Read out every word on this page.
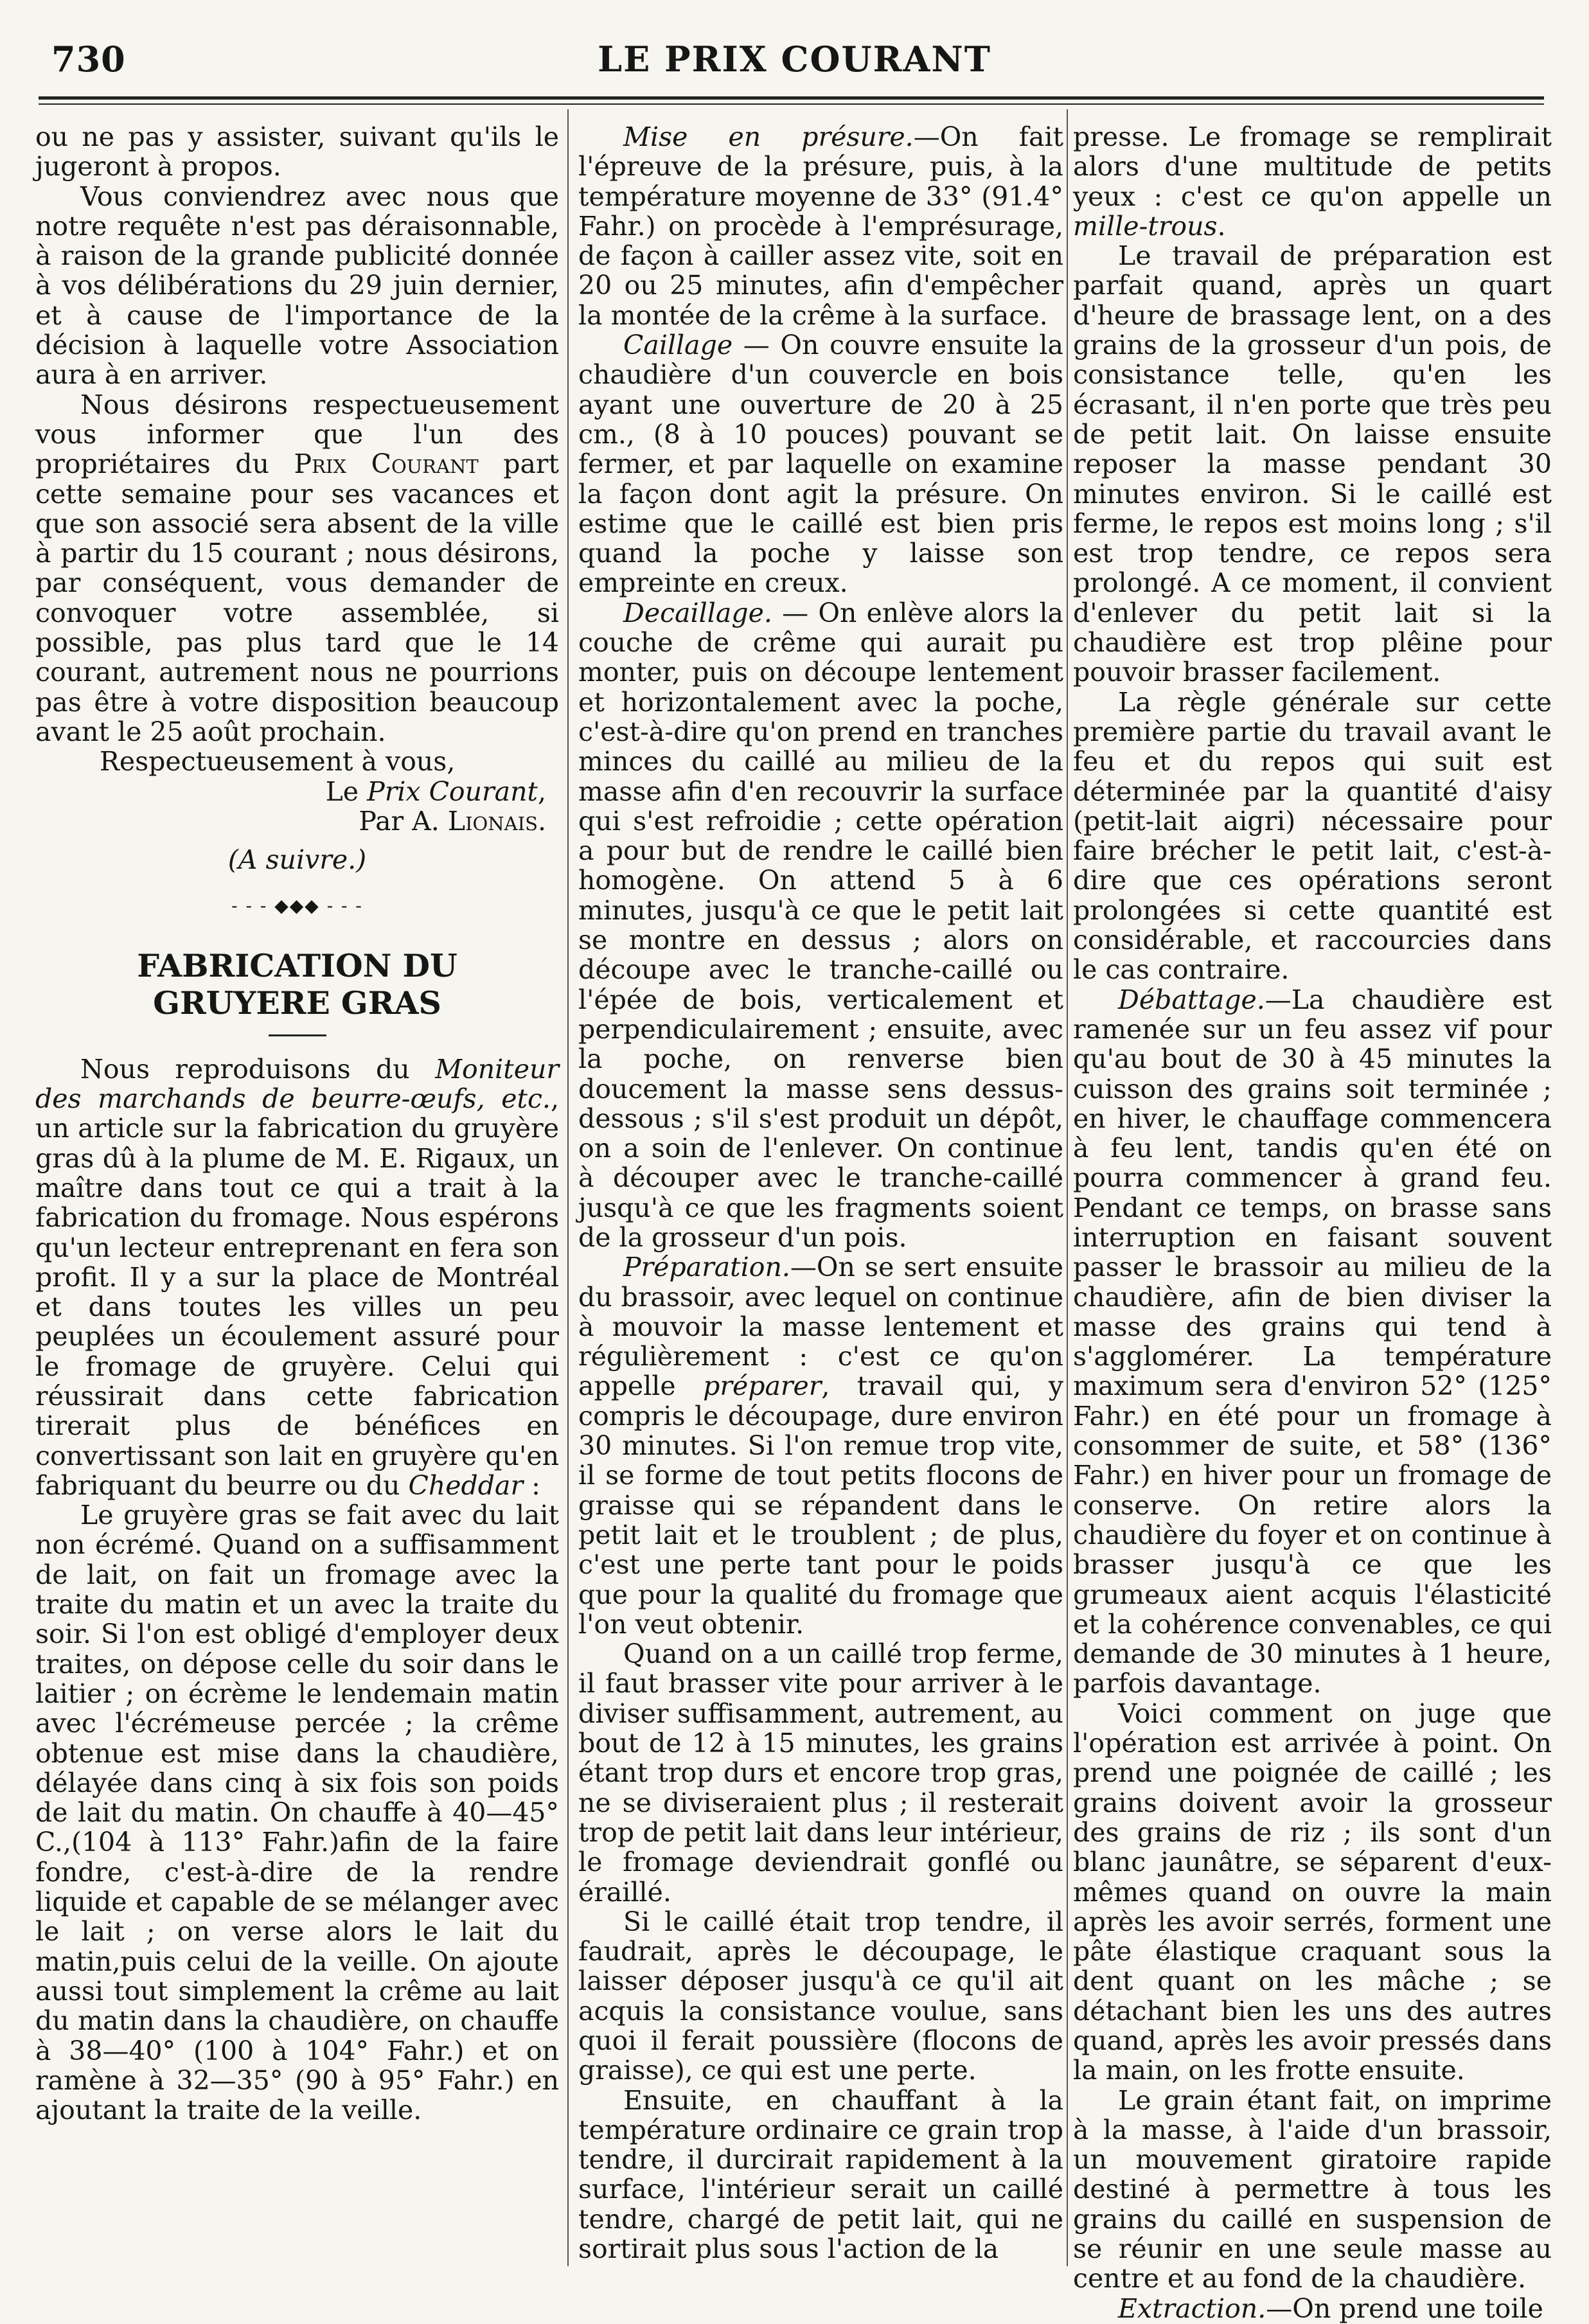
730	LE PRIX COURANT

ou ne pas y assister, suivant qu'ils le jugeront à propos.

Vous conviendrez avec nous que notre requête n'est pas déraisonnable, à raison de la grande publicité donnée à vos délibérations du 29 juin dernier, et à cause de l'importance de la décision à laquelle votre Association aura à en arriver.

Nous désirons respectueusement vous informer que l'un des propriétaires du Prix Courant part cette semaine pour ses vacances et que son associé sera absent de la ville à partir du 15 courant ; nous désirons, par conséquent, vous demander de convoquer votre assemblée, si possible, pas plus tard que le 14 courant, autrement nous ne pourrions pas être à votre disposition beaucoup avant le 25 août prochain.

Respectueusement à vous,

Le Prix Courant,

Par A. Lionais.

(A suivre.)

- - - ◆◆◆ - - -
FABRICATION DU GRUYERE GRAS

Nous reproduisons du Moniteur des marchands de beurre-œufs, etc., un article sur la fabrication du gruyère gras dû à la plume de M. E. Rigaux, un maître dans tout ce qui a trait à la fabrication du fromage. Nous espérons qu'un lecteur entreprenant en fera son profit. Il y a sur la place de Montréal et dans toutes les villes un peu peuplées un écoulement assuré pour le fromage de gruyère. Celui qui réussirait dans cette fabrication tirerait plus de bénéfices en convertissant son lait en gruyère qu'en fabriquant du beurre ou du Cheddar :

Le gruyère gras se fait avec du lait non écrémé. Quand on a suffisamment de lait, on fait un fromage avec la traite du matin et un avec la traite du soir. Si l'on est obligé d'employer deux traites, on dépose celle du soir dans le laitier ; on écrème le lendemain matin avec l'écrémeuse percée ; la crême obtenue est mise dans la chaudière, délayée dans cinq à six fois son poids de lait du matin. On chauffe à 40—45° C.,(104 à 113° Fahr.)afin de la faire fondre, c'est-à-dire de la rendre liquide et capable de se mélanger avec le lait ; on verse alors le lait du matin,puis celui de la veille. On ajoute aussi tout simplement la crême au lait du matin dans la chaudière, on chauffe à 38—40° (100 à 104° Fahr.) et on ramène à 32—35° (90 à 95° Fahr.) en ajoutant la traite de la veille.

Mise en présure.—On fait l'épreuve de la présure, puis, à la température moyenne de 33° (91.4° Fahr.) on procède à l'emprésurage, de façon à cailler assez vite, soit en 20 ou 25 minutes, afin d'empêcher la montée de la crême à la surface.

Caillage — On couvre ensuite la chaudière d'un couvercle en bois ayant une ouverture de 20 à 25 cm., (8 à 10 pouces) pouvant se fermer, et par laquelle on examine la façon dont agit la présure. On estime que le caillé est bien pris quand la poche y laisse son empreinte en creux.

Decaillage. — On enlève alors la couche de crême qui aurait pu monter, puis on découpe lentement et horizontalement avec la poche, c'est-à-dire qu'on prend en tranches minces du caillé au milieu de la masse afin d'en recouvrir la surface qui s'est refroidie ; cette opération a pour but de rendre le caillé bien homogène. On attend 5 à 6 minutes, jusqu'à ce que le petit lait se montre en dessus ; alors on découpe avec le tranche-caillé ou l'épée de bois, verticalement et perpendiculairement ; ensuite, avec la poche, on renverse bien doucement la masse sens dessus-dessous ; s'il s'est produit un dépôt, on a soin de l'enlever. On continue à découper avec le tranche-caillé jusqu'à ce que les fragments soient de la grosseur d'un pois.

Préparation.—On se sert ensuite du brassoir, avec lequel on continue à mouvoir la masse lentement et régulièrement : c'est ce qu'on appelle préparer, travail qui, y compris le découpage, dure environ 30 minutes. Si l'on remue trop vite, il se forme de tout petits flocons de graisse qui se répandent dans le petit lait et le troublent ; de plus, c'est une perte tant pour le poids que pour la qualité du fromage que l'on veut obtenir.

Quand on a un caillé trop ferme, il faut brasser vite pour arriver à le diviser suffisamment, autrement, au bout de 12 à 15 minutes, les grains étant trop durs et encore trop gras, ne se diviseraient plus ; il resterait trop de petit lait dans leur intérieur, le fromage deviendrait gonflé ou éraillé.

Si le caillé était trop tendre, il faudrait, après le découpage, le laisser déposer jusqu'à ce qu'il ait acquis la consistance voulue, sans quoi il ferait poussière (flocons de graisse), ce qui est une perte.

Ensuite, en chauffant à la température ordinaire ce grain trop tendre, il durcirait rapidement à la surface, l'intérieur serait un caillé tendre, chargé de petit lait, qui ne sortirait plus sous l'action de la

presse. Le fromage se remplirait alors d'une multitude de petits yeux : c'est ce qu'on appelle un mille-trous.

Le travail de préparation est parfait quand, après un quart d'heure de brassage lent, on a des grains de la grosseur d'un pois, de consistance telle, qu'en les écrasant, il n'en porte que très peu de petit lait. On laisse ensuite reposer la masse pendant 30 minutes environ. Si le caillé est ferme, le repos est moins long ; s'il est trop tendre, ce repos sera prolongé. A ce moment, il convient d'enlever du petit lait si la chaudière est trop plêine pour pouvoir brasser facilement.

La règle générale sur cette première partie du travail avant le feu et du repos qui suit est déterminée par la quantité d'aisy (petit-lait aigri) nécessaire pour faire brécher le petit lait, c'est-à-dire que ces opérations seront prolongées si cette quantité est considérable, et raccourcies dans le cas contraire.

Débattage.—La chaudière est ramenée sur un feu assez vif pour qu'au bout de 30 à 45 minutes la cuisson des grains soit terminée ; en hiver, le chauffage commencera à feu lent, tandis qu'en été on pourra commencer à grand feu. Pendant ce temps, on brasse sans interruption en faisant souvent passer le brassoir au milieu de la chaudière, afin de bien diviser la masse des grains qui tend à s'agglomérer. La température maximum sera d'environ 52° (125° Fahr.) en été pour un fromage à consommer de suite, et 58° (136° Fahr.) en hiver pour un fromage de conserve. On retire alors la chaudière du foyer et on continue à brasser jusqu'à ce que les grumeaux aient acquis l'élasticité et la cohérence convenables, ce qui demande de 30 minutes à 1 heure, parfois davantage.

Voici comment on juge que l'opération est arrivée à point. On prend une poignée de caillé ; les grains doivent avoir la grosseur des grains de riz ; ils sont d'un blanc jaunâtre, se séparent d'eux-mêmes quand on ouvre la main après les avoir serrés, forment une pâte élastique craquant sous la dent quant on les mâche ; se détachant bien les uns des autres quand, après les avoir pressés dans la main, on les frotte ensuite.

Le grain étant fait, on imprime à la masse, à l'aide d'un brassoir, un mouvement giratoire rapide destiné à permettre à tous les grains du caillé en suspension de se réunir en une seule masse au centre et au fond de la chaudière.

Extraction.—On prend une toile
